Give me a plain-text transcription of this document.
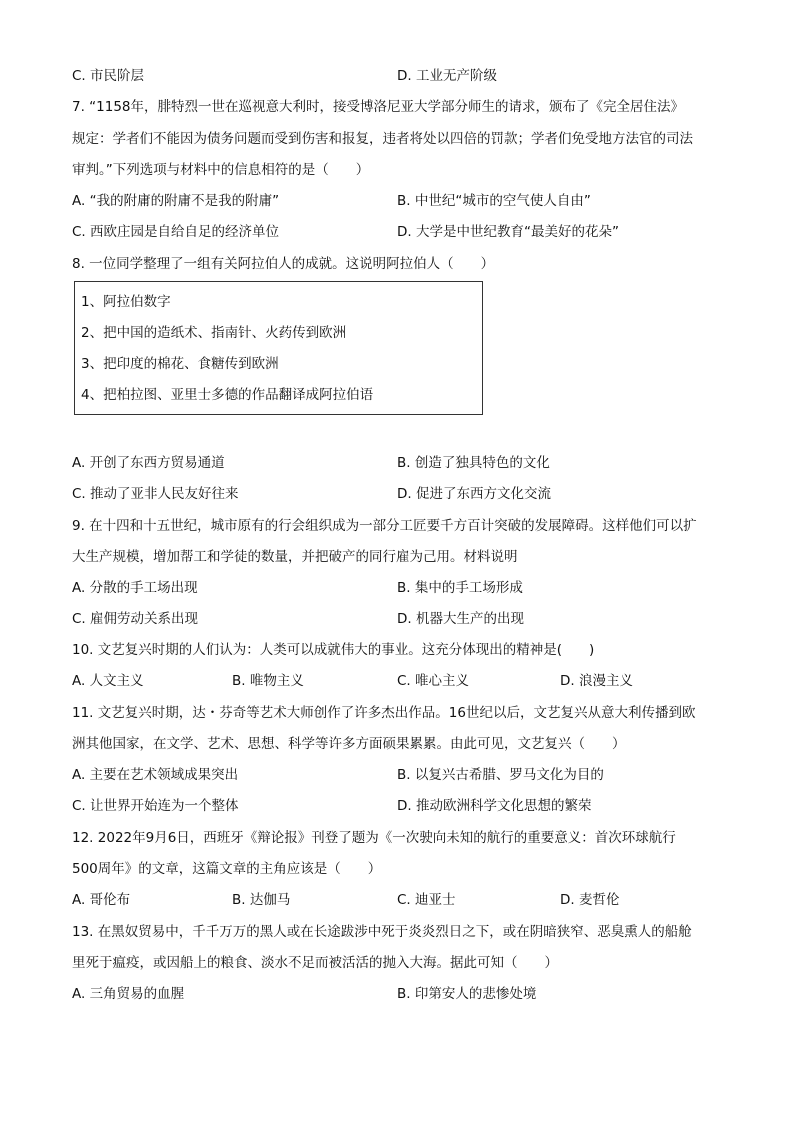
C. 市民阶层	D. 工业无产阶级
7. “1158年，腓特烈一世在巡视意大利时，接受博洛尼亚大学部分师生的请求，颁布了《完全居住法》
规定：学者们不能因为债务问题而受到伤害和报复，违者将处以四倍的罚款；学者们免受地方法官的司法
审判。”下列选项与材料中的信息相符的是（　　）
A. “我的附庸的附庸不是我的附庸”	B. 中世纪“城市的空气使人自由”
C. 西欧庄园是自给自足的经济单位	D. 大学是中世纪教育“最美好的花朵”
8. 一位同学整理了一组有关阿拉伯人的成就。这说明阿拉伯人（　　）
1、阿拉伯数字
2、把中国的造纸术、指南针、火药传到欧洲
3、把印度的棉花、食糖传到欧洲
4、把柏拉图、亚里士多德的作品翻译成阿拉伯语
A. 开创了东西方贸易通道	B. 创造了独具特色的文化
C. 推动了亚非人民友好往来	D. 促进了东西方文化交流
9. 在十四和十五世纪，城市原有的行会组织成为一部分工匠要千方百计突破的发展障碍。这样他们可以扩
大生产规模，增加帮工和学徒的数量，并把破产的同行雇为己用。材料说明
A. 分散的手工场出现	B. 集中的手工场形成
C. 雇佣劳动关系出现	D. 机器大生产的出现
10. 文艺复兴时期的人们认为：人类可以成就伟大的事业。这充分体现出的精神是(　　)
A. 人文主义	B. 唯物主义	C. 唯心主义	D. 浪漫主义
11. 文艺复兴时期，达・芬奇等艺术大师创作了许多杰出作品。16世纪以后，文艺复兴从意大利传播到欧
洲其他国家，在文学、艺术、思想、科学等许多方面硕果累累。由此可见，文艺复兴（　　）
A. 主要在艺术领域成果突出	B. 以复兴古希腊、罗马文化为目的
C. 让世界开始连为一个整体	D. 推动欧洲科学文化思想的繁荣
12. 2022年9月6日，西班牙《辩论报》刊登了题为《一次驶向未知的航行的重要意义：首次环球航行
500周年》的文章，这篇文章的主角应该是（　　）
A. 哥伦布	B. 达伽马	C. 迪亚士	D. 麦哲伦
13. 在黑奴贸易中，千千万万的黑人或在长途跋涉中死于炎炎烈日之下，或在阴暗狭窄、恶臭熏人的船舱
里死于瘟疫，或因船上的粮食、淡水不足而被活活的抛入大海。据此可知（　　）
A. 三角贸易的血腥	B. 印第安人的悲惨处境
